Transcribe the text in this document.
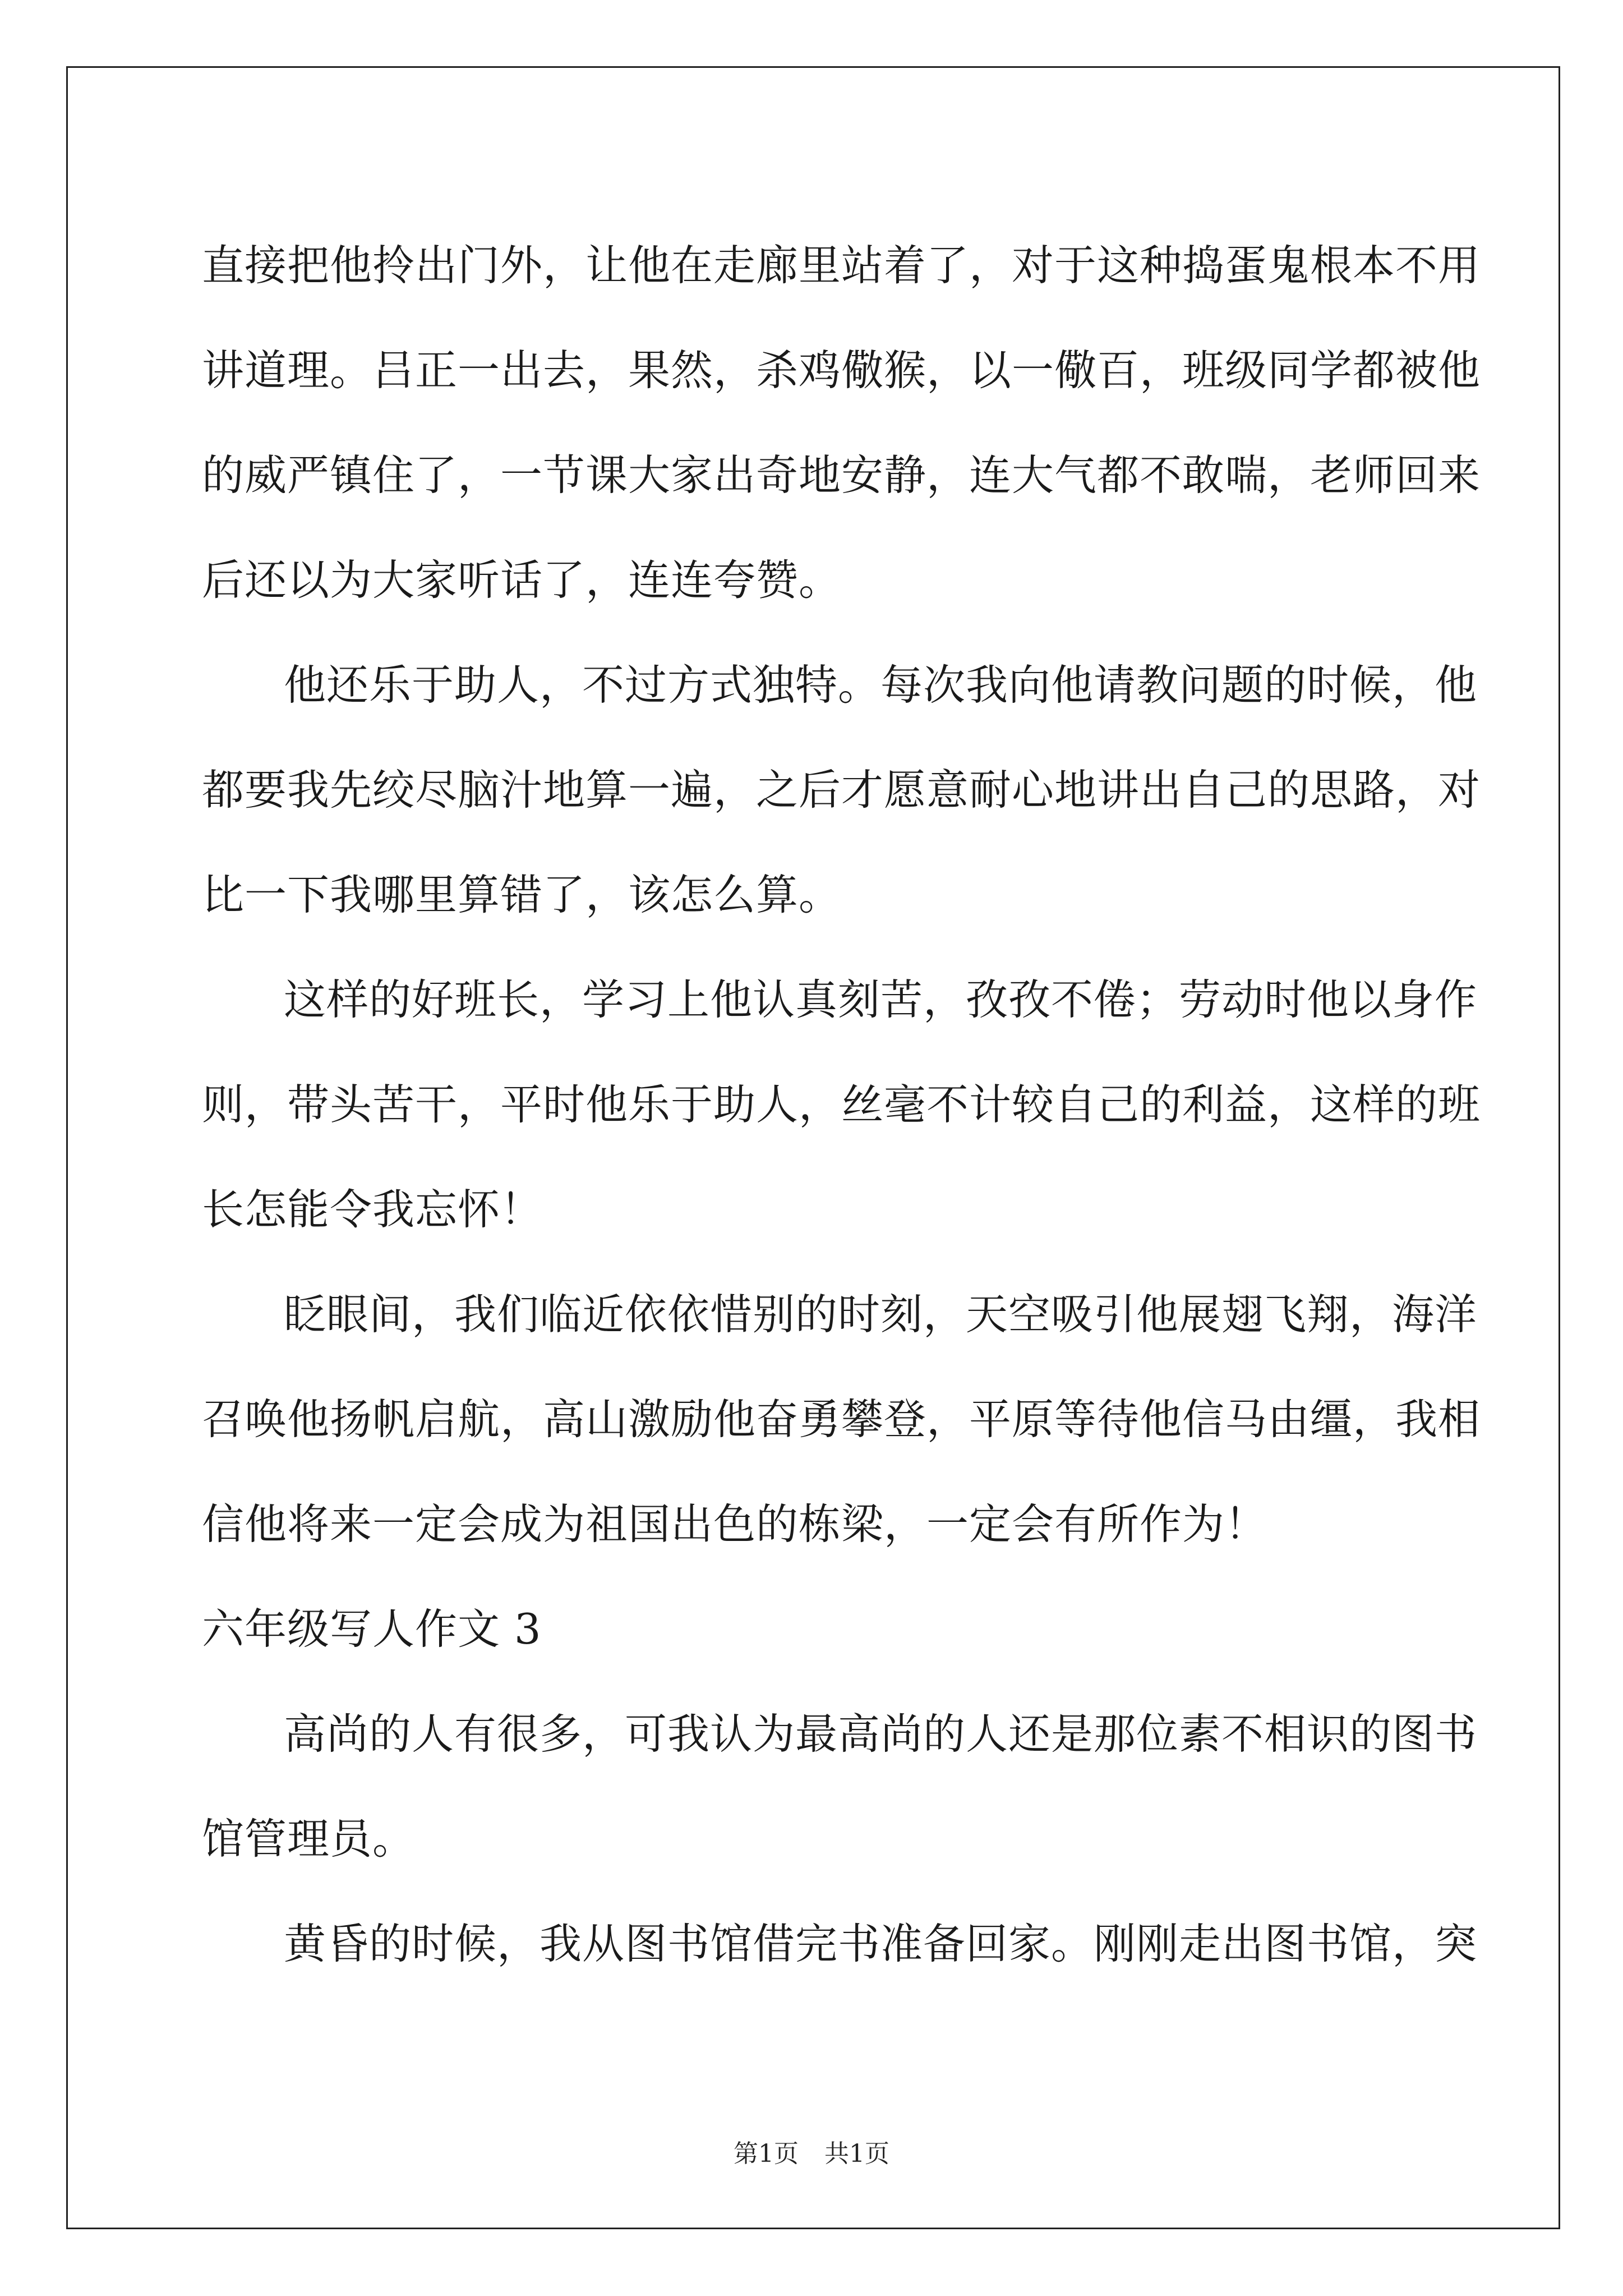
直接把他拎出门外，让他在走廊里站着了，对于这种捣蛋鬼根本不用
讲道理。吕正一出去，果然，杀鸡儆猴，以一儆百，班级同学都被他
的威严镇住了，一节课大家出奇地安静，连大气都不敢喘，老师回来
后还以为大家听话了，连连夸赞。
他还乐于助人，不过方式独特。每次我向他请教问题的时候，他
都要我先绞尽脑汁地算一遍，之后才愿意耐心地讲出自己的思路，对
比一下我哪里算错了，该怎么算。
这样的好班长，学习上他认真刻苦，孜孜不倦；劳动时他以身作
则，带头苦干，平时他乐于助人，丝毫不计较自己的利益，这样的班
长怎能令我忘怀！
眨眼间，我们临近依依惜别的时刻，天空吸引他展翅飞翔，海洋
召唤他扬帆启航，高山激励他奋勇攀登，平原等待他信马由缰，我相
信他将来一定会成为祖国出色的栋梁，一定会有所作为！
六年级写人作文 3
高尚的人有很多，可我认为最高尚的人还是那位素不相识的图书
馆管理员。
黄昏的时候，我从图书馆借完书准备回家。刚刚走出图书馆，突
第1页 共1页
